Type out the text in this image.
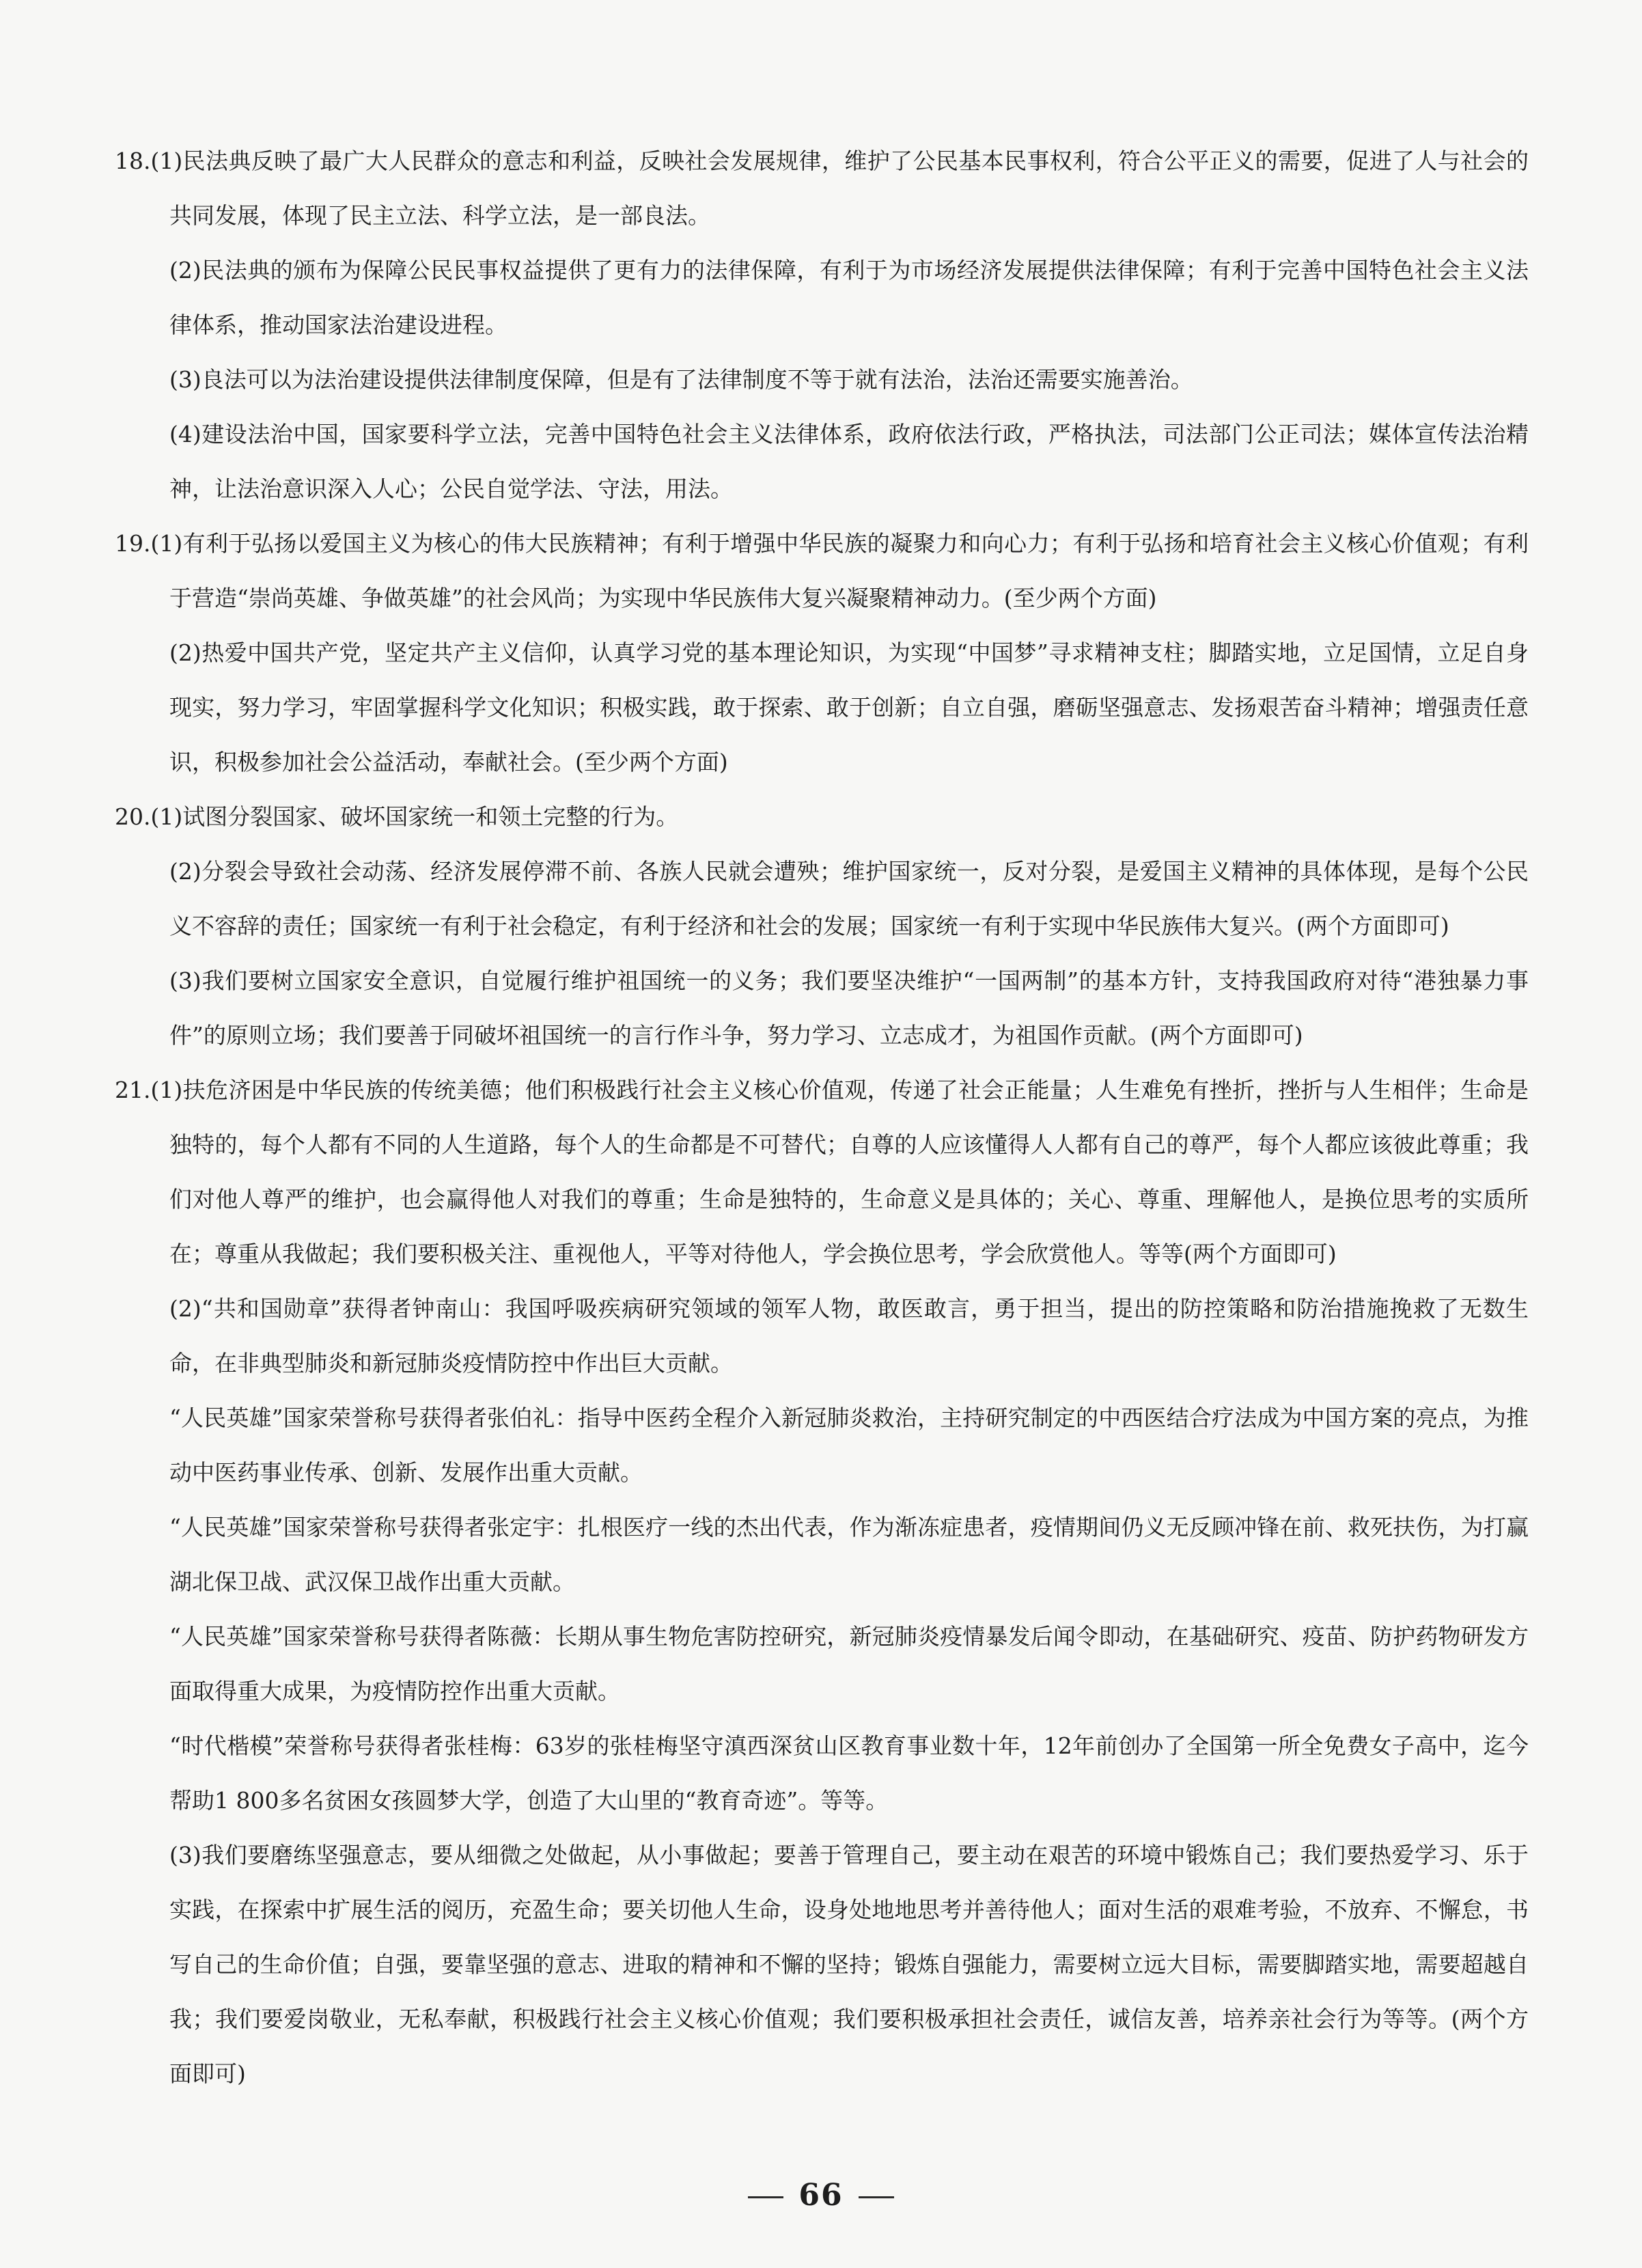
18.(1)民法典反映了最广大人民群众的意志和利益，反映社会发展规律，维护了公民基本民事权利，符合公平正义的需要，促进了人与社会的共同发展，体现了民主立法、科学立法，是一部良法。

(2)民法典的颁布为保障公民民事权益提供了更有力的法律保障，有利于为市场经济发展提供法律保障；有利于完善中国特色社会主义法律体系，推动国家法治建设进程。

(3)良法可以为法治建设提供法律制度保障，但是有了法律制度不等于就有法治，法治还需要实施善治。

(4)建设法治中国，国家要科学立法，完善中国特色社会主义法律体系，政府依法行政，严格执法，司法部门公正司法；媒体宣传法治精神，让法治意识深入人心；公民自觉学法、守法，用法。

19.(1)有利于弘扬以爱国主义为核心的伟大民族精神；有利于增强中华民族的凝聚力和向心力；有利于弘扬和培育社会主义核心价值观；有利于营造“崇尚英雄、争做英雄”的社会风尚；为实现中华民族伟大复兴凝聚精神动力。(至少两个方面)

(2)热爱中国共产党，坚定共产主义信仰，认真学习党的基本理论知识，为实现“中国梦”寻求精神支柱；脚踏实地，立足国情，立足自身现实，努力学习，牢固掌握科学文化知识；积极实践，敢于探索、敢于创新；自立自强，磨砺坚强意志、发扬艰苦奋斗精神；增强责任意识，积极参加社会公益活动，奉献社会。(至少两个方面)

20.(1)试图分裂国家、破坏国家统一和领土完整的行为。

(2)分裂会导致社会动荡、经济发展停滞不前、各族人民就会遭殃；维护国家统一，反对分裂，是爱国主义精神的具体体现，是每个公民义不容辞的责任；国家统一有利于社会稳定，有利于经济和社会的发展；国家统一有利于实现中华民族伟大复兴。(两个方面即可)

(3)我们要树立国家安全意识，自觉履行维护祖国统一的义务；我们要坚决维护“一国两制”的基本方针，支持我国政府对待“港独暴力事件”的原则立场；我们要善于同破坏祖国统一的言行作斗争，努力学习、立志成才，为祖国作贡献。(两个方面即可)

21.(1)扶危济困是中华民族的传统美德；他们积极践行社会主义核心价值观，传递了社会正能量；人生难免有挫折，挫折与人生相伴；生命是独特的，每个人都有不同的人生道路，每个人的生命都是不可替代；自尊的人应该懂得人人都有自己的尊严，每个人都应该彼此尊重；我们对他人尊严的维护，也会赢得他人对我们的尊重；生命是独特的，生命意义是具体的；关心、尊重、理解他人，是换位思考的实质所在；尊重从我做起；我们要积极关注、重视他人，平等对待他人，学会换位思考，学会欣赏他人。等等(两个方面即可)

(2)“共和国勋章”获得者钟南山：我国呼吸疾病研究领域的领军人物，敢医敢言，勇于担当，提出的防控策略和防治措施挽救了无数生命，在非典型肺炎和新冠肺炎疫情防控中作出巨大贡献。

“人民英雄”国家荣誉称号获得者张伯礼：指导中医药全程介入新冠肺炎救治，主持研究制定的中西医结合疗法成为中国方案的亮点，为推动中医药事业传承、创新、发展作出重大贡献。

“人民英雄”国家荣誉称号获得者张定宇：扎根医疗一线的杰出代表，作为渐冻症患者，疫情期间仍义无反顾冲锋在前、救死扶伤，为打赢湖北保卫战、武汉保卫战作出重大贡献。

“人民英雄”国家荣誉称号获得者陈薇：长期从事生物危害防控研究，新冠肺炎疫情暴发后闻令即动，在基础研究、疫苗、防护药物研发方面取得重大成果，为疫情防控作出重大贡献。

“时代楷模”荣誉称号获得者张桂梅：63岁的张桂梅坚守滇西深贫山区教育事业数十年，12年前创办了全国第一所全免费女子高中，迄今帮助1 800多名贫困女孩圆梦大学，创造了大山里的“教育奇迹”。等等。

(3)我们要磨练坚强意志，要从细微之处做起，从小事做起；要善于管理自己，要主动在艰苦的环境中锻炼自己；我们要热爱学习、乐于实践，在探索中扩展生活的阅历，充盈生命；要关切他人生命，设身处地地思考并善待他人；面对生活的艰难考验，不放弃、不懈怠，书写自己的生命价值；自强，要靠坚强的意志、进取的精神和不懈的坚持；锻炼自强能力，需要树立远大目标，需要脚踏实地，需要超越自我；我们要爱岗敬业，无私奉献，积极践行社会主义核心价值观；我们要积极承担社会责任，诚信友善，培养亲社会行为等等。(两个方面即可)

66
